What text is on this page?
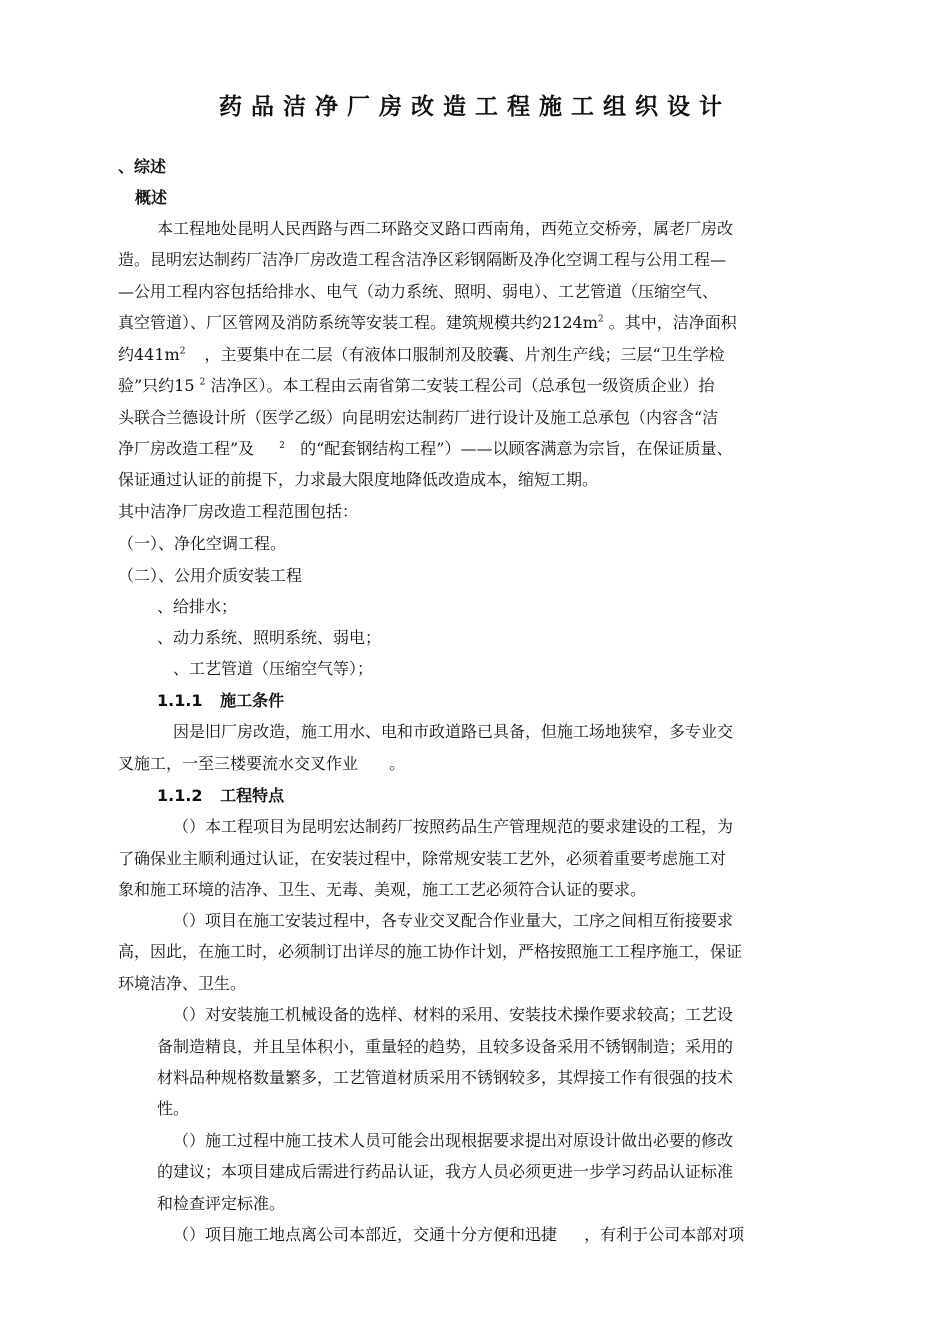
药品洁净厂房改造工程施工组织设计
、综述
概述
本工程地处昆明人民西路与西二环路交叉路口西南角，西苑立交桥旁，属老厂房改
造。昆明宏达制药厂洁净厂房改造工程含洁净区彩钢隔断及净化空调工程与公用工程—
—公用工程内容包括给排水、电气（动力系统、照明、弱电）、工艺管道（压缩空气、
真空管道）、厂区管网及消防系统等安装工程。建筑规模共约$2124m^2$ 。其中，洁净面积
约$441m^2$ ，主要集中在二层（有液体口服制剂及胶囊、片剂生产线；三层“卫生学检
验”只约15 $^2$ 洁净区）。本工程由云南省第二安装工程公司（总承包一级资质企业）抬
头联合兰德设计所（医学乙级）向昆明宏达制药厂进行设计及施工总承包（内容含“洁
净厂房改造工程”及	$^2$ 的“配套钢结构工程”）——以顾客满意为宗旨，在保证质量、
保证通过认证的前提下，力求最大限度地降低改造成本，缩短工期。
其中洁净厂房改造工程范围包括：
（一）、净化空调工程。
（二）、公用介质安装工程
、给排水；
、动力系统、照明系统、弱电；
、工艺管道（压缩空气等）；
1.1.1 施工条件
因是旧厂房改造，施工用水、电和市政道路已具备，但施工场地狭窄，多专业交
叉施工，一至三楼要流水交叉作业 。
1.1.2 工程特点
（）本工程项目为昆明宏达制药厂按照药品生产管理规范的要求建设的工程，为
了确保业主顺利通过认证，在安装过程中，除常规安装工艺外，必须着重要考虑施工对
象和施工环境的洁净、卫生、无毒、美观，施工工艺必须符合认证的要求。
（）项目在施工安装过程中，各专业交叉配合作业量大，工序之间相互衔接要求
高，因此，在施工时，必须制订出详尽的施工协作计划，严格按照施工工程序施工，保证
环境洁净、卫生。
（）对安装施工机械设备的选样、材料的采用、安装技术操作要求较高；工艺设
备制造精良，并且呈体积小，重量轻的趋势，且较多设备采用不锈钢制造；采用的
材料品种规格数量繁多，工艺管道材质采用不锈钢较多，其焊接工作有很强的技术
性。
（）施工过程中施工技术人员可能会出现根据要求提出对原设计做出必要的修改
的建议；本项目建成后需进行药品认证，我方人员必须更进一步学习药品认证标准
和检查评定标准。
（）项目施工地点离公司本部近，交通十分方便和迅捷 ，有利于公司本部对项
